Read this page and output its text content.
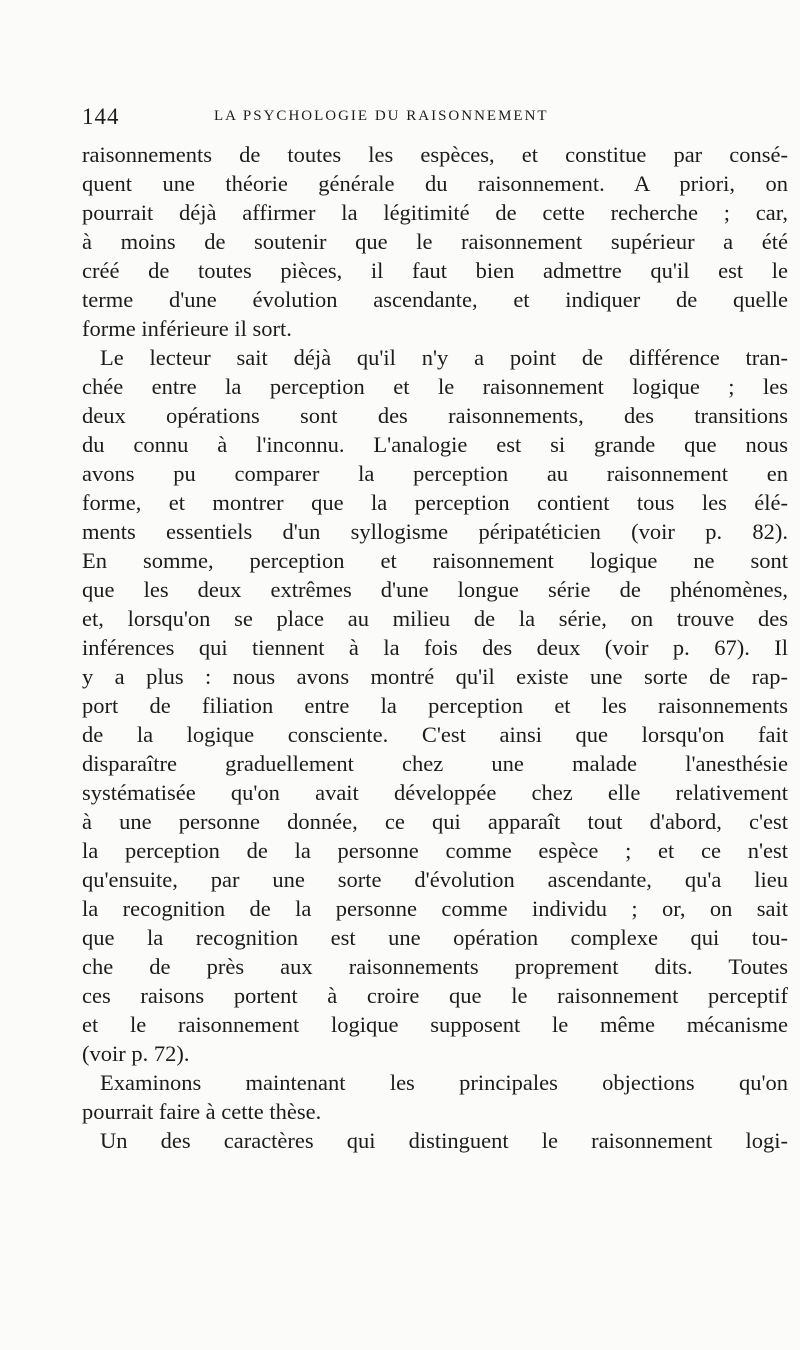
144	LA PSYCHOLOGIE DU RAISONNEMENT
raisonnements de toutes les espèces, et constitue par consé-
quent une théorie générale du raisonnement. A priori, on
pourrait déjà affirmer la légitimité de cette recherche ; car,
à moins de soutenir que le raisonnement supérieur a été
créé de toutes pièces, il faut bien admettre qu'il est le
terme d'une évolution ascendante, et indiquer de quelle
forme inférieure il sort.
Le lecteur sait déjà qu'il n'y a point de différence tran-
chée entre la perception et le raisonnement logique ; les
deux opérations sont des raisonnements, des transitions
du connu à l'inconnu. L'analogie est si grande que nous
avons pu comparer la perception au raisonnement en
forme, et montrer que la perception contient tous les élé-
ments essentiels d'un syllogisme péripatéticien (voir p. 82).
En somme, perception et raisonnement logique ne sont
que les deux extrêmes d'une longue série de phénomènes,
et, lorsqu'on se place au milieu de la série, on trouve des
inférences qui tiennent à la fois des deux (voir p. 67). Il
y a plus : nous avons montré qu'il existe une sorte de rap-
port de filiation entre la perception et les raisonnements
de la logique consciente. C'est ainsi que lorsqu'on fait
disparaître graduellement chez une malade l'anesthésie
systématisée qu'on avait développée chez elle relativement
à une personne donnée, ce qui apparaît tout d'abord, c'est
la perception de la personne comme espèce ; et ce n'est
qu'ensuite, par une sorte d'évolution ascendante, qu'a lieu
la recognition de la personne comme individu ; or, on sait
que la recognition est une opération complexe qui tou-
che de près aux raisonnements proprement dits. Toutes
ces raisons portent à croire que le raisonnement perceptif
et le raisonnement logique supposent le même mécanisme
(voir p. 72).
Examinons maintenant les principales objections qu'on
pourrait faire à cette thèse.
Un des caractères qui distinguent le raisonnement logi-
